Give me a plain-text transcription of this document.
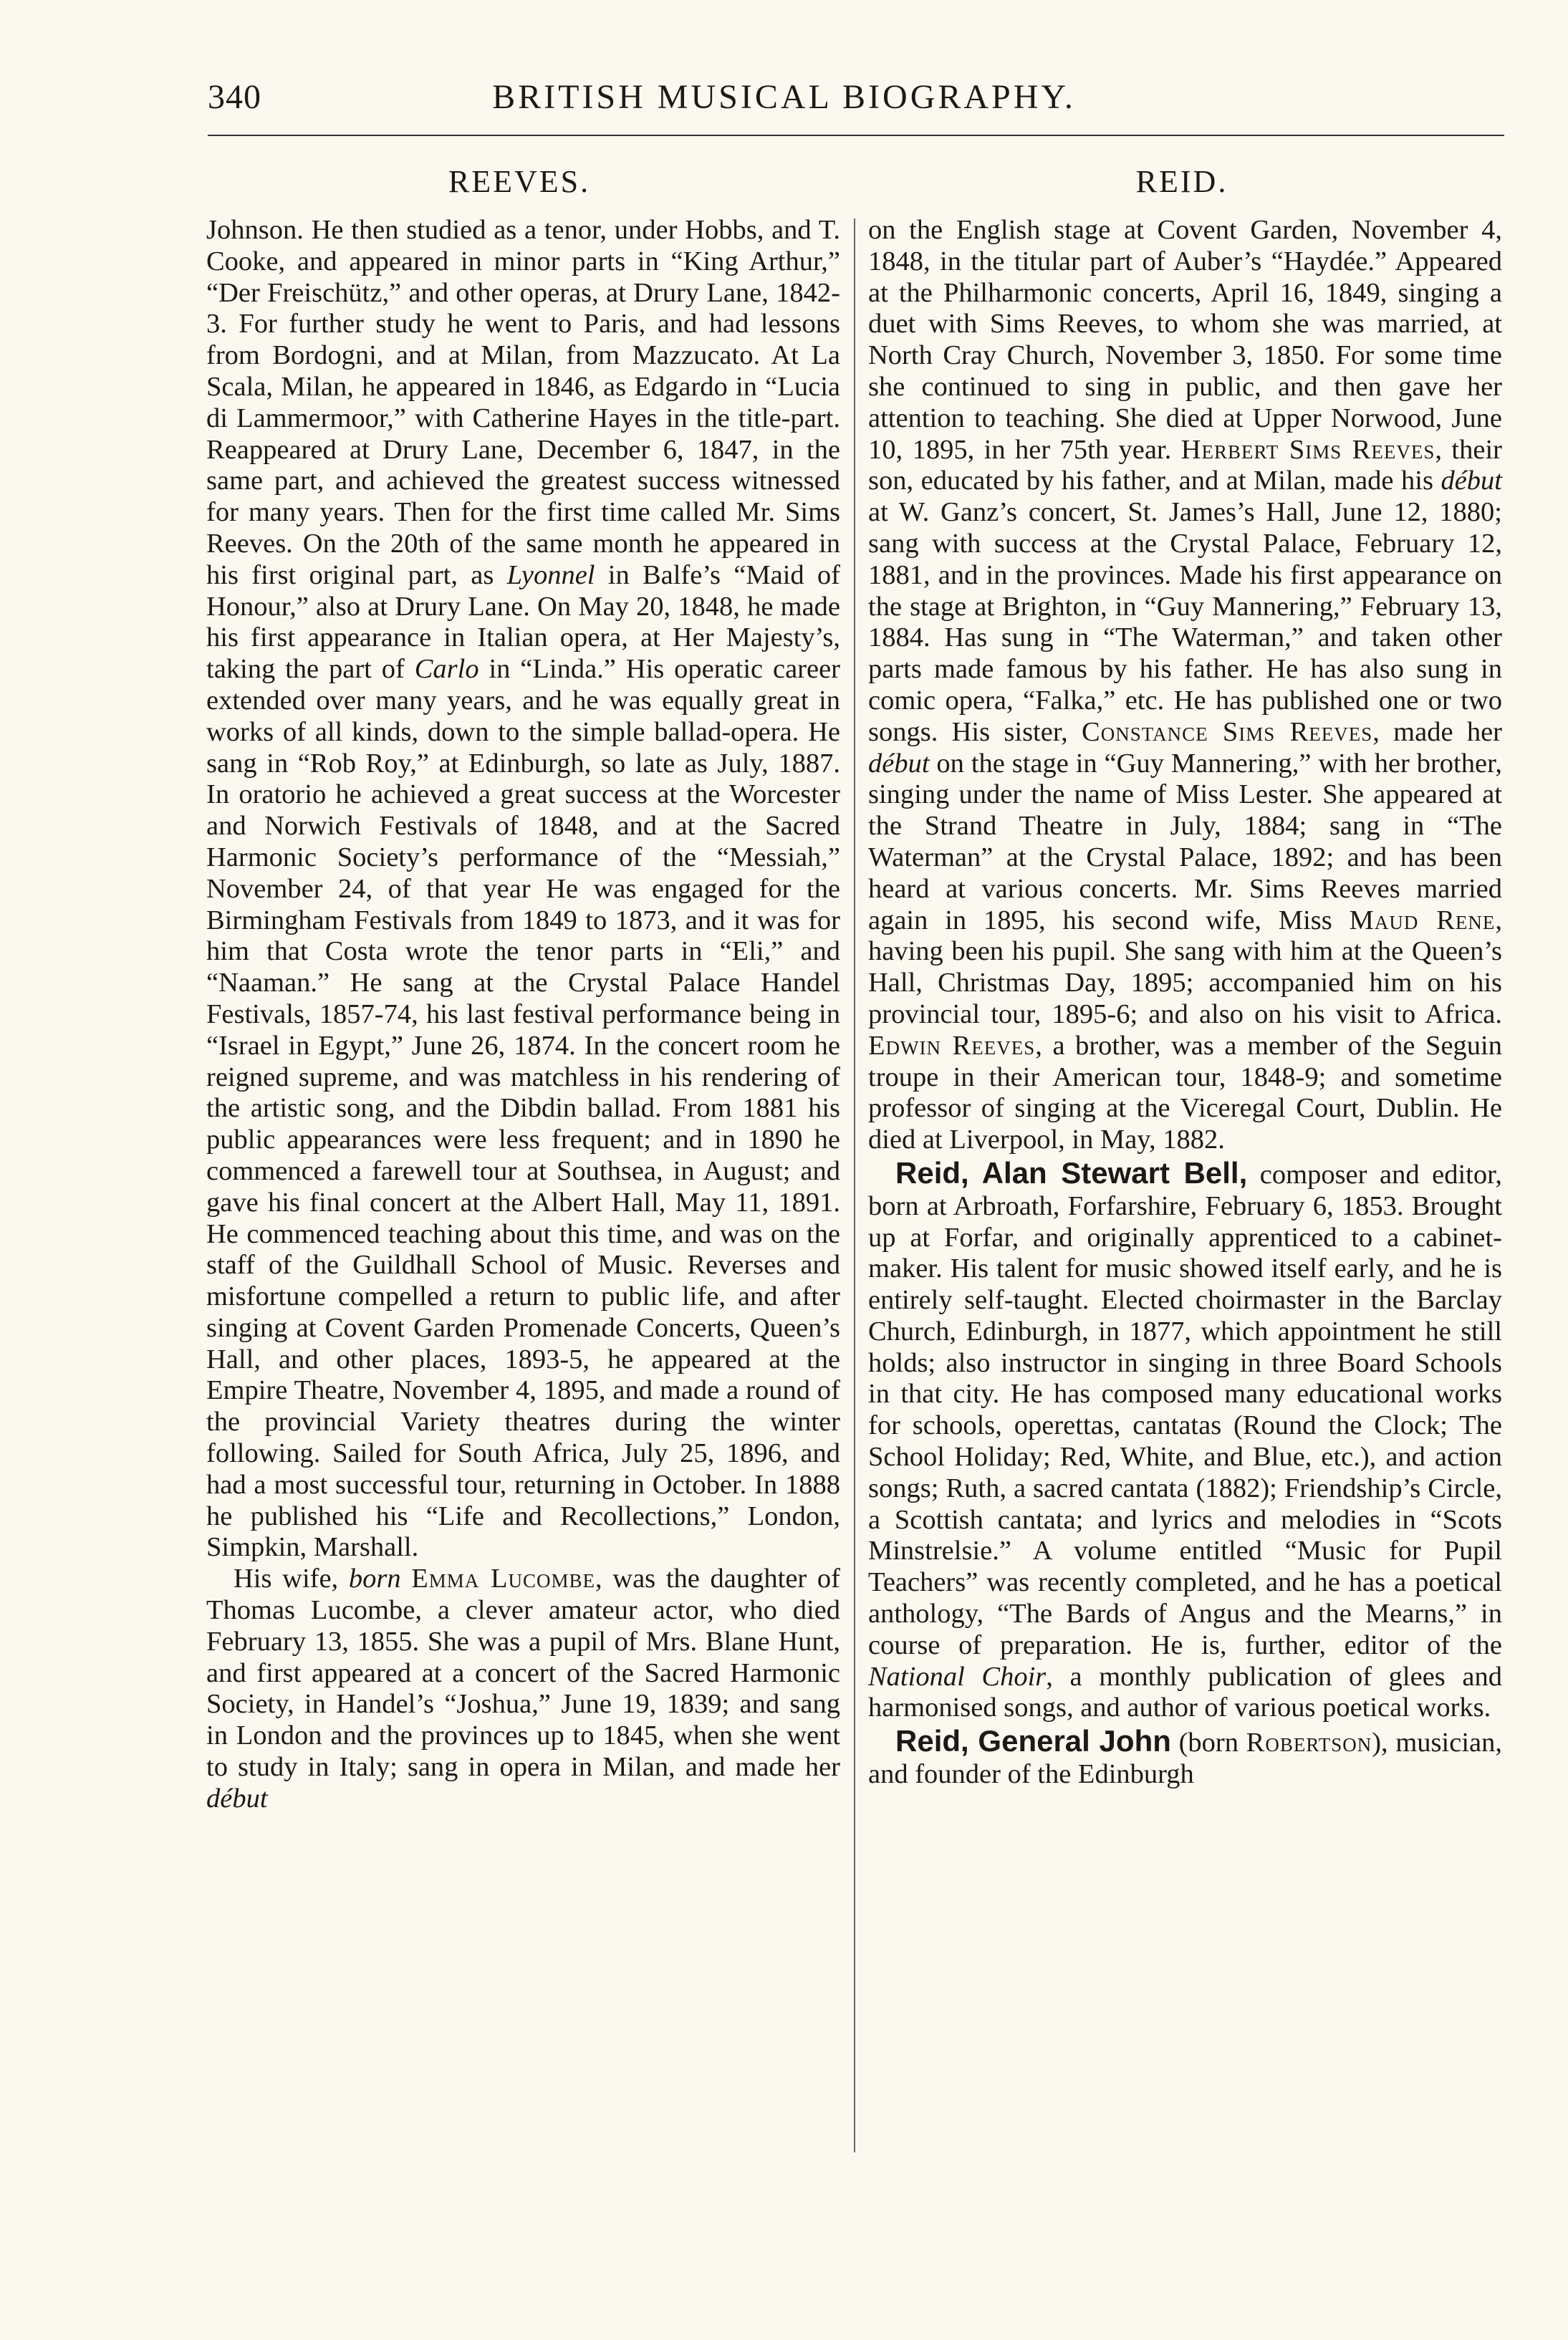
340	BRITISH MUSICAL BIOGRAPHY.
REEVES.	REID.

Johnson. He then studied as a tenor, under Hobbs, and T. Cooke, and appeared in minor parts in “King Arthur,” “Der Freischütz,” and other operas, at Drury Lane, 1842-3. For further study he went to Paris, and had lessons from Bordogni, and at Milan, from Mazzucato. At La Scala, Milan, he appeared in 1846, as Edgardo in “Lucia di Lammermoor,” with Catherine Hayes in the title-part. Reappeared at Drury Lane, December 6, 1847, in the same part, and achieved the greatest success witnessed for many years. Then for the first time called Mr. Sims Reeves. On the 20th of the same month he appeared in his first original part, as Lyonnel in Balfe’s “Maid of Honour,” also at Drury Lane. On May 20, 1848, he made his first appearance in Italian opera, at Her Majesty’s, taking the part of Carlo in “Linda.” His operatic career extended over many years, and he was equally great in works of all kinds, down to the simple ballad-opera. He sang in “Rob Roy,” at Edinburgh, so late as July, 1887. In oratorio he achieved a great success at the Worcester and Norwich Festivals of 1848, and at the Sacred Harmonic Society’s performance of the “Messiah,” November 24, of that year He was engaged for the Birmingham Festivals from 1849 to 1873, and it was for him that Costa wrote the tenor parts in “Eli,” and “Naaman.” He sang at the Crystal Palace Handel Festivals, 1857-74, his last festival performance being in “Israel in Egypt,” June 26, 1874. In the concert room he reigned supreme, and was matchless in his rendering of the artistic song, and the Dibdin ballad. From 1881 his public appearances were less frequent; and in 1890 he commenced a farewell tour at Southsea, in August; and gave his final concert at the Albert Hall, May 11, 1891. He commenced teaching about this time, and was on the staff of the Guildhall School of Music. Reverses and misfortune compelled a return to public life, and after singing at Covent Garden Promenade Concerts, Queen’s Hall, and other places, 1893-5, he appeared at the Empire Theatre, November 4, 1895, and made a round of the provincial Variety theatres during the winter following. Sailed for South Africa, July 25, 1896, and had a most successful tour, returning in October. In 1888 he published his “Life and Recollections,” London, Simpkin, Marshall.

His wife, born Emma Lucombe, was the daughter of Thomas Lucombe, a clever amateur actor, who died February 13, 1855. She was a pupil of Mrs. Blane Hunt, and first appeared at a concert of the Sacred Harmonic Society, in Handel’s “Joshua,” June 19, 1839; and sang in London and the provinces up to 1845, when she went to study in Italy; sang in opera in Milan, and made her début

on the English stage at Covent Garden, November 4, 1848, in the titular part of Auber’s “Haydée.” Appeared at the Philharmonic concerts, April 16, 1849, singing a duet with Sims Reeves, to whom she was married, at North Cray Church, November 3, 1850. For some time she continued to sing in public, and then gave her attention to teaching. She died at Upper Norwood, June 10, 1895, in her 75th year. Herbert Sims Reeves, their son, educated by his father, and at Milan, made his début at W. Ganz’s concert, St. James’s Hall, June 12, 1880; sang with success at the Crystal Palace, February 12, 1881, and in the provinces. Made his first appearance on the stage at Brighton, in “Guy Mannering,” February 13, 1884. Has sung in “The Waterman,” and taken other parts made famous by his father. He has also sung in comic opera, “Falka,” etc. He has published one or two songs. His sister, Constance Sims Reeves, made her début on the stage in “Guy Mannering,” with her brother, singing under the name of Miss Lester. She appeared at the Strand Theatre in July, 1884; sang in “The Waterman” at the Crystal Palace, 1892; and has been heard at various concerts. Mr. Sims Reeves married again in 1895, his second wife, Miss Maud Rene, having been his pupil. She sang with him at the Queen’s Hall, Christmas Day, 1895; accompanied him on his provincial tour, 1895-6; and also on his visit to Africa. Edwin Reeves, a brother, was a member of the Seguin troupe in their American tour, 1848-9; and sometime professor of singing at the Viceregal Court, Dublin. He died at Liverpool, in May, 1882.

Reid, Alan Stewart Bell, composer and editor, born at Arbroath, Forfarshire, February 6, 1853. Brought up at Forfar, and originally apprenticed to a cabinet-maker. His talent for music showed itself early, and he is entirely self-taught. Elected choirmaster in the Barclay Church, Edinburgh, in 1877, which appointment he still holds; also instructor in singing in three Board Schools in that city. He has composed many educational works for schools, operettas, cantatas (Round the Clock; The School Holiday; Red, White, and Blue, etc.), and action songs; Ruth, a sacred cantata (1882); Friendship’s Circle, a Scottish cantata; and lyrics and melodies in “Scots Minstrelsie.” A volume entitled “Music for Pupil Teachers” was recently completed, and he has a poetical anthology, “The Bards of Angus and the Mearns,” in course of preparation. He is, further, editor of the National Choir, a monthly publication of glees and harmonised songs, and author of various poetical works.

Reid, General John (born Robertson), musician, and founder of the Edinburgh
